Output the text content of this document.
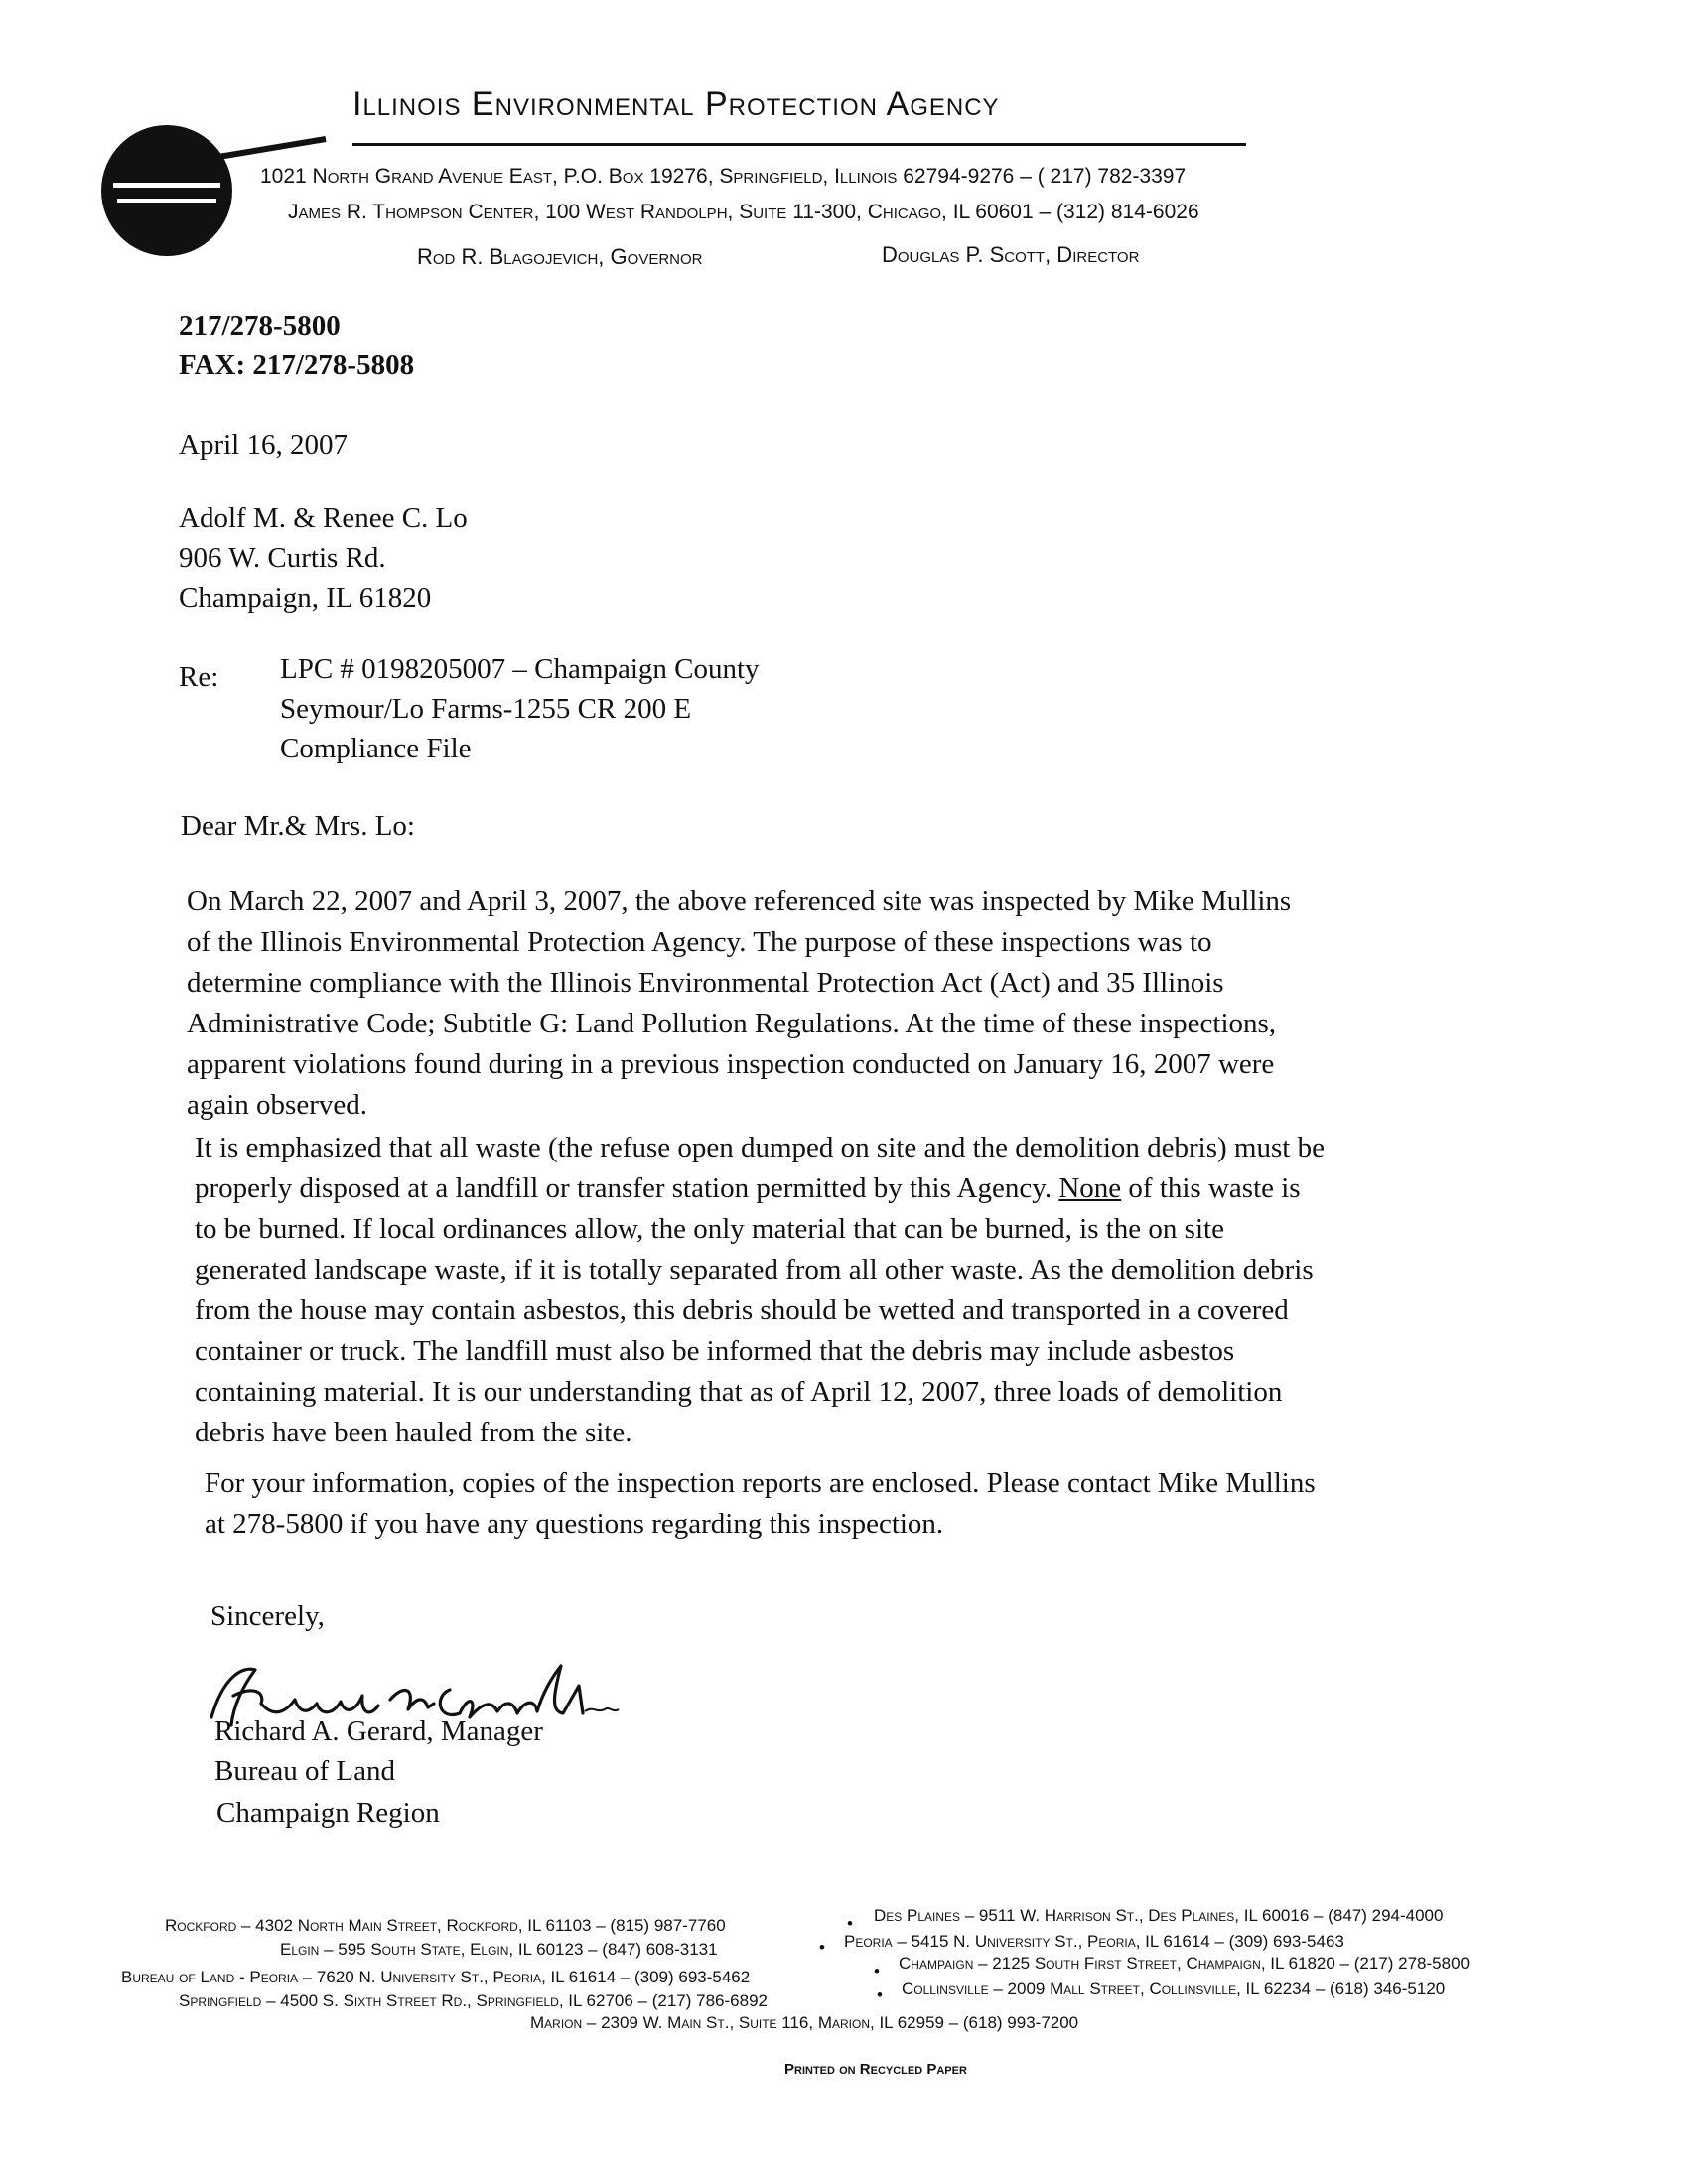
Illinois Environmental Protection Agency
1021 North Grand Avenue East, P.O. Box 19276, Springfield, Illinois 62794-9276 – ( 217) 782-3397
James R. Thompson Center, 100 West Randolph, Suite 11-300, Chicago, IL 60601 – (312) 814-6026
Rod R. Blagojevich, Governor	Douglas P. Scott, Director
217/278-5800
FAX: 217/278-5808
April 16, 2007
Adolf M. & Renee C. Lo
906 W. Curtis Rd.
Champaign, IL 61820
Re: LPC # 0198205007 – Champaign County
Seymour/Lo Farms-1255 CR 200 E
Compliance File
Dear Mr.& Mrs. Lo:
On March 22, 2007 and April 3, 2007, the above referenced site was inspected by Mike Mullins
of the Illinois Environmental Protection Agency. The purpose of these inspections was to
determine compliance with the Illinois Environmental Protection Act (Act) and 35 Illinois
Administrative Code; Subtitle G: Land Pollution Regulations. At the time of these inspections,
apparent violations found during in a previous inspection conducted on January 16, 2007 were
again observed.
It is emphasized that all waste (the refuse open dumped on site and the demolition debris) must be
properly disposed at a landfill or transfer station permitted by this Agency. None of this waste is
to be burned. If local ordinances allow, the only material that can be burned, is the on site
generated landscape waste, if it is totally separated from all other waste. As the demolition debris
from the house may contain asbestos, this debris should be wetted and transported in a covered
container or truck. The landfill must also be informed that the debris may include asbestos
containing material. It is our understanding that as of April 12, 2007, three loads of demolition
debris have been hauled from the site.
For your information, copies of the inspection reports are enclosed. Please contact Mike Mullins
at 278-5800 if you have any questions regarding this inspection.
Sincerely,
Richard A. Gerard, Manager
Bureau of Land
Champaign Region
Rockford – 4302 North Main Street, Rockford, IL 61103 – (815) 987-7760	• Des Plaines – 9511 W. Harrison St., Des Plaines, IL 60016 – (847) 294-4000
Elgin – 595 South State, Elgin, IL 60123 – (847) 608-3131	• Peoria – 5415 N. University St., Peoria, IL 61614 – (309) 693-5463
Bureau of Land - Peoria – 7620 N. University St., Peoria, IL 61614 – (309) 693-5462	• Champaign – 2125 South First Street, Champaign, IL 61820 – (217) 278-5800
Springfield – 4500 S. Sixth Street Rd., Springfield, IL 62706 – (217) 786-6892	• Collinsville – 2009 Mall Street, Collinsville, IL 62234 – (618) 346-5120
Marion – 2309 W. Main St., Suite 116, Marion, IL 62959 – (618) 993-7200
Printed on Recycled Paper
